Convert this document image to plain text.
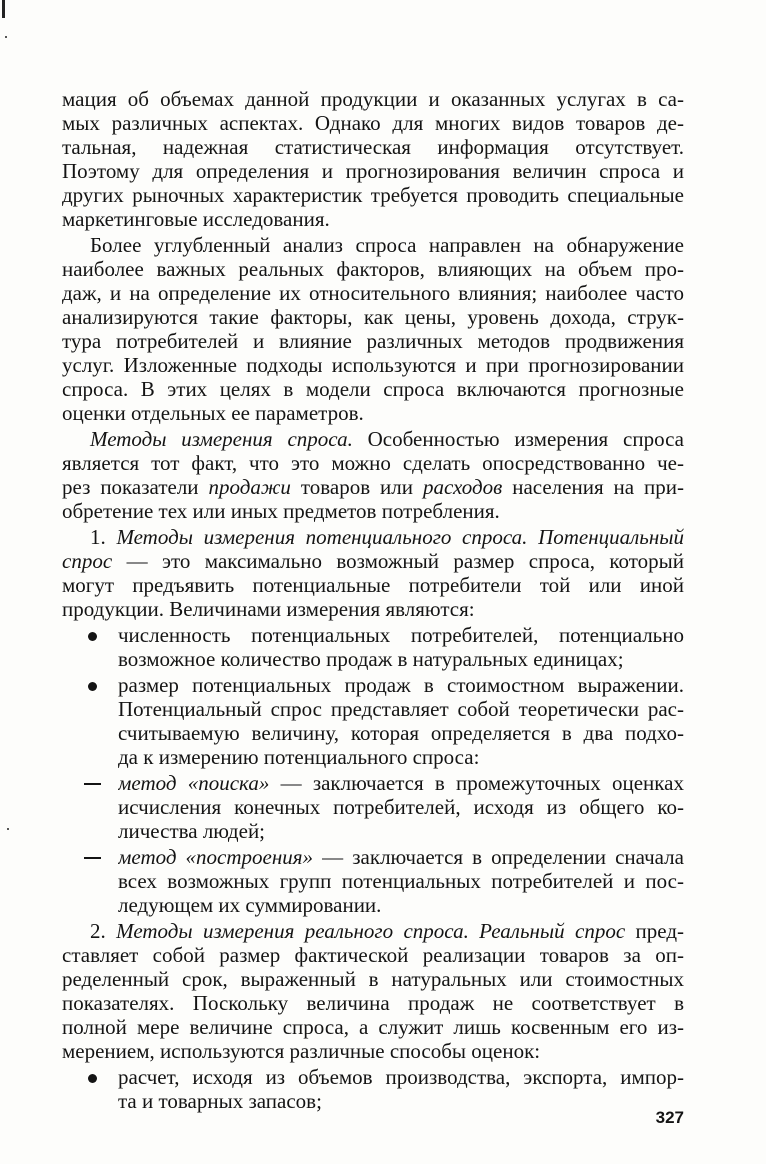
мация об объемах данной продукции и оказанных услугах в са-
мых различных аспектах. Однако для многих видов товаров де-
тальная, надежная статистическая информация отсутствует.
Поэтому для определения и прогнозирования величин спроса и
других рыночных характеристик требуется проводить специальные
маркетинговые исследования.
Более углубленный анализ спроса направлен на обнаружение
наиболее важных реальных факторов, влияющих на объем про-
даж, и на определение их относительного влияния; наиболее часто
анализируются такие факторы, как цены, уровень дохода, струк-
тура потребителей и влияние различных методов продвижения
услуг. Изложенные подходы используются и при прогнозировании
спроса. В этих целях в модели спроса включаются прогнозные
оценки отдельных ее параметров.
Методы измерения спроса. Особенностью измерения спроса
является тот факт, что это можно сделать опосредствованно че-
рез показатели продажи товаров или расходов населения на при-
обретение тех или иных предметов потребления.
1. Методы измерения потенциального спроса. Потенциальный
спрос — это максимально возможный размер спроса, который
могут предъявить потенциальные потребители той или иной
продукции. Величинами измерения являются:
численность потенциальных потребителей, потенциально
возможное количество продаж в натуральных единицах;
размер потенциальных продаж в стоимостном выражении.
Потенциальный спрос представляет собой теоретически рас-
считываемую величину, которая определяется в два подхо-
да к измерению потенциального спроса:
метод «поиска» — заключается в промежуточных оценках
исчисления конечных потребителей, исходя из общего ко-
личества людей;
метод «построения» — заключается в определении сначала
всех возможных групп потенциальных потребителей и пос-
ледующем их суммировании.
2. Методы измерения реального спроса. Реальный спрос пред-
ставляет собой размер фактической реализации товаров за оп-
ределенный срок, выраженный в натуральных или стоимостных
показателях. Поскольку величина продаж не соответствует в
полной мере величине спроса, а служит лишь косвенным его из-
мерением, используются различные способы оценок:
расчет, исходя из объемов производства, экспорта, импор-
та и товарных запасов;
327
